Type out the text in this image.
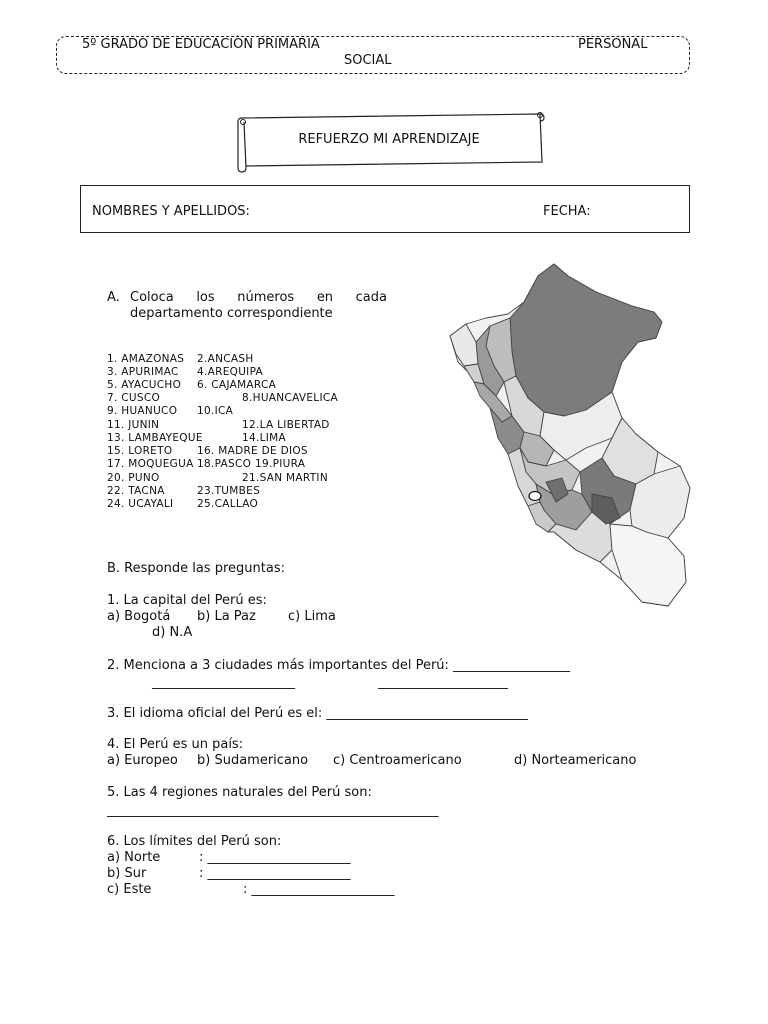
5º GRADO DE EDUCACIÒN PRIMARIA	PERSONAL
SOCIAL
REFUERZO MI APRENDIZAJE
NOMBRES Y APELLIDOS:	FECHA:
A. Coloca los números en cada departamento correspondiente
1. AMAZONAS 2.ANCASH
3. APURIMAC 4.AREQUIPA
5. AYACUCHO 6. CAJAMARCA
7. CUSCO	8.HUANCAVELICA
9. HUANUCO 10.ICA
11. JUNIN	12.LA LIBERTAD
13. LAMBAYEQUE	14.LIMA
15. LORETO 16. MADRE DE DIOS
17. MOQUEGUA 18.PASCO 19.PIURA
20. PUNO	21.SAN MARTIN
22. TACNA	23.TUMBES
24. UCAYALI 25.CALLAO
B. Responde las preguntas:
1. La capital del Perú es:
a) Bogotá b) La Paz c) Lima
d) N.A
2. Menciona a 3 ciudades más importantes del Perú: __________________
______________________	____________________
3. El idioma oficial del Perú es el: _______________________________
4. El Perú es un país:
a) Europeo b) Sudamericano c) Centroamericano	d) Norteamericano
5. Las 4 regiones naturales del Perú son:
___________________________________________________
6. Los límites del Perú son:
a) Norte	: ______________________
b) Sur	: ______________________
c) Este	: ______________________
